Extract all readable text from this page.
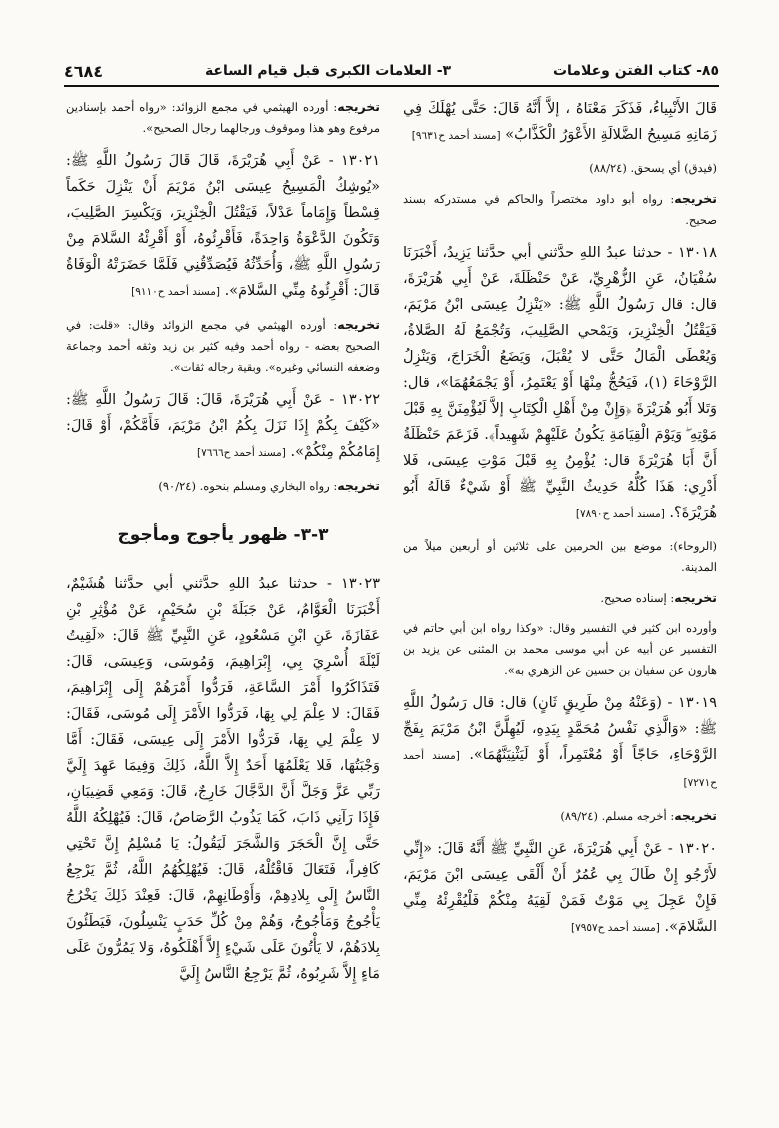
٨٥- كتاب الفتن وعلامات
٣- العلامات الكبرى قبل قيام الساعة
٤٦٨٤
قَالَ الأَنْبِياءُ، فَذَكَرَ مَعْنَاهُ ، إلاَّ أَنَّهُ قَالَ: حَتَّى يُهْلَكَ فِي زَمَانِهِ مَسِيحُ الضَّلالَةِ الأَعْوَرُ الْكَذَّابُ» [مسند أحمد ح٩٦٣١]
(فيدق) أي يسحق. (٨٨/٢٤)
تخريجه: رواه أبو داود مختصراً والحاكم في مستدركه بسند صحيح.
١٣٠١٨ - حدثنا عبدُ اللهِ حدَّثني أبي حدَّثنا يَزِيدُ، أَخْبَرَنَا سُفْيَانُ، عَنِ الزُّهْرِيِّ، عَنْ حَنْظَلَةَ، عَنْ أَبِي هُرَيْرَةَ، قال: قال رَسُولُ اللَّهِ ﷺ: «يَنْزِلُ عِيسَى ابْنُ مَرْيَمَ، فَيَقْتُلُ الْخِنْزِيرَ، وَيَمْحي الصَّلِيبَ، وَتُجْمَعُ لَهُ الصَّلاةُ، وَيُعْطَى الْمَالُ حَتَّى لا يُقْبَلَ، وَيَضَعُ الْخَرَاجَ، وَيَنْزِلُ الرَّوْحَاءَ (١)، فَيَحُجُّ مِنْهَا أَوْ يَعْتَمِرُ، أَوْ يَجْمَعُهُمَا»، قال: وَتَلا أَبُو هُرَيْرَةَ ﴿وَإِنْ مِنْ أَهْلِ الْكِتَابِ إلاَّ لَيُؤْمِنَنَّ بِهِ قَبْلَ مَوْتِهِ ۖ وَيَوْمَ الْقِيَامَةِ يَكُونُ عَلَيْهِمْ شَهِيداً﴾. فَزَعَمَ حَنْظَلَةُ أَنَّ أَبَا هُرَيْرَةَ قال: يُؤْمِنُ بِهِ قَبْلَ مَوْتِ عِيسَى، فَلا أَدْرِي: هَذَا كُلُّهُ حَدِيثُ النَّبِيِّ ﷺ أَوْ شَيْءٌ قَالَهُ أَبُو هُرَيْرَةَ؟. [مسند أحمد ح٧٨٩٠]
(الروحاء): موضع بين الحرمين على ثلاثين أو أربعين ميلاً من المدينة.
تخريجه: إسناده صحيح.
وأورده ابن كثير في التفسير وقال: «وكذا رواه ابن أبي حاتم في التفسير عن أبيه عن أبي موسى محمد بن المثنى عن يزيد بن هارون عن سفيان بن حسين عن الزهري به».
١٣٠١٩ - (وَعَنْهُ مِنْ طَرِيقٍ ثَانٍ) قال: قال رَسُولُ اللَّهِ ﷺ: «وَالَّذِي نَفْسُ مُحَمَّدٍ بِيَدِهِ، لَيُهِلَّنَّ ابْنُ مَرْيَمَ بِفَجِّ الرَّوْحَاءِ، حَاجّاً أَوْ مُعْتَمِراً، أَوْ لَيَثْنِيَنَّهُمَا». [مسند أحمد ح٧٢٧١]
تخريجه: أخرجه مسلم. (٨٩/٢٤)
١٣٠٢٠ - عَنْ أَبِي هُرَيْرَةَ، عَنِ النَّبِيِّ ﷺ أَنَّهُ قَالَ: «إِنِّي لأَرْجُو إِنْ طَالَ بِي عُمُرٌ أَنْ أَلْقَى عِيسَى ابْنَ مَرْيَمَ، فَإِنْ عَجِلَ بِي مَوْتٌ فَمَنْ لَقِيَهُ مِنْكُمْ فَلْيُقْرِئْهُ مِنِّي السَّلامَ». [مسند أحمد ح٧٩٥٧]
تخريجه: أورده الهيثمي في مجمع الزوائد: «رواه أحمد بإسنادين مرفوع وهو هذا وموقوف ورجالهما رجال الصحيح».
١٣٠٢١ - عَنْ أَبِي هُرَيْرَةَ، قَالَ قَالَ رَسُولُ اللَّهِ ﷺ: «يُوشِكُ الْمَسِيحُ عِيسَى ابْنُ مَرْيَمَ أَنْ يَنْزِلَ حَكَماً قِسْطاً وَإِمَاماً عَدْلاً، فَيَقْتُلَ الْخِنْزِيرَ، وَيَكْسِرَ الصَّلِيبَ، وَتَكُونَ الدَّعْوَةُ وَاحِدَةً، فَأَقْرِئُوهُ، أَوْ أَقْرِئْهُ السَّلامَ مِنْ رَسُولِ اللَّهِ ﷺ، وَأُحَدِّثُهُ فَيُصَدِّقُنِي فَلَمَّا حَضَرَتْهُ الْوَفَاةُ قَالَ: أَقْرِئُوهُ مِنِّي السَّلامَ». [مسند أحمد ح٩١١٠]
تخريجه: أورده الهيثمي في مجمع الزوائد وقال: «قلت: في الصحيح بعضه - رواه أحمد وفيه كثير بن زيد وثقه أحمد وجماعة وضعفه النسائي وغيره». وبقية رجاله ثقات».
١٣٠٢٢ - عَنْ أَبِي هُرَيْرَةَ، قَالَ: قَالَ رَسُولُ اللَّهِ ﷺ: «كَيْفَ بِكُمْ إِذَا نَزَلَ بِكُمُ ابْنُ مَرْيَمَ، فَأَمَّكُمْ، أَوْ قَالَ: إِمَامُكُمْ مِنْكُمْ». [مسند أحمد ح٧٦٦٦]
تخريجه: رواه البخاري ومسلم بنحوه. (٩٠/٢٤)
٣-٣- ظهور يأجوج ومأجوج
١٣٠٢٣ - حدثنا عبدُ اللهِ حدَّثني أبي حدَّثنا هُشَيْمٌ، أَخْبَرَنَا الْعَوَّامُ، عَنْ جَبَلَةَ بْنِ سُحَيْمٍ، عَنْ مُؤْثِرِ بْنِ عَفَازَةَ، عَنِ ابْنِ مَسْعُودٍ، عَنِ النَّبِيِّ ﷺ قَالَ: «لَقِيتُ لَيْلَةَ أُسْرِيَ بِي، إِبْرَاهِيمَ، وَمُوسَى، وَعِيسَى، قَالَ: فَتَذَاكَرُوا أَمْرَ السَّاعَةِ، فَرَدُّوا أَمْرَهُمْ إِلَى إِبْرَاهِيمَ، فَقَالَ: لا عِلْمَ لِي بِهَا، فَرَدُّوا الأَمْرَ إِلَى مُوسَى، فَقَالَ: لا عِلْمَ لِي بِهَا، فَرَدُّوا الأَمْرَ إِلَى عِيسَى، فَقَالَ: أَمَّا وَجْبَتُهَا، فَلا يَعْلَمُهَا أَحَدٌ إِلاَّ اللَّهُ، ذَلِكَ وَفِيمَا عَهِدَ إِلَيَّ رَبِّي عَزَّ وَجَلَّ أَنَّ الدَّجَّالَ خَارِجٌ، قَالَ: وَمَعِي قَضِيبَانِ، فَإِذَا رَآنِي ذَابَ، كَمَا يَذُوبُ الرَّصَاصُ، قَالَ: فَيُهْلِكُهُ اللَّهُ حَتَّى إِنَّ الْحَجَرَ وَالشَّجَرَ لَيَقُولُ: يَا مُسْلِمُ إِنَّ تَحْتِي كَافِراً، فَتَعَالَ فَاقْتُلْهُ، قَالَ: فَيُهْلِكُهُمُ اللَّهُ، ثُمَّ يَرْجِعُ النَّاسُ إِلَى بِلادِهِمْ، وَأَوْطَانِهِمْ، قَالَ: فَعِنْدَ ذَلِكَ يَخْرُجُ يَأْجُوجُ وَمَأْجُوجُ، وَهُمْ مِنْ كُلِّ حَدَبٍ يَنْسِلُونَ، فَيَطَئُونَ بِلادَهُمْ، لا يَأْتُونَ عَلَى شَيْءٍ إِلاَّ أَهْلَكُوهُ، وَلا يَمُرُّونَ عَلَى مَاءٍ إِلاَّ شَرِبُوهُ، ثُمَّ يَرْجِعُ النَّاسُ إِلَيَّ
